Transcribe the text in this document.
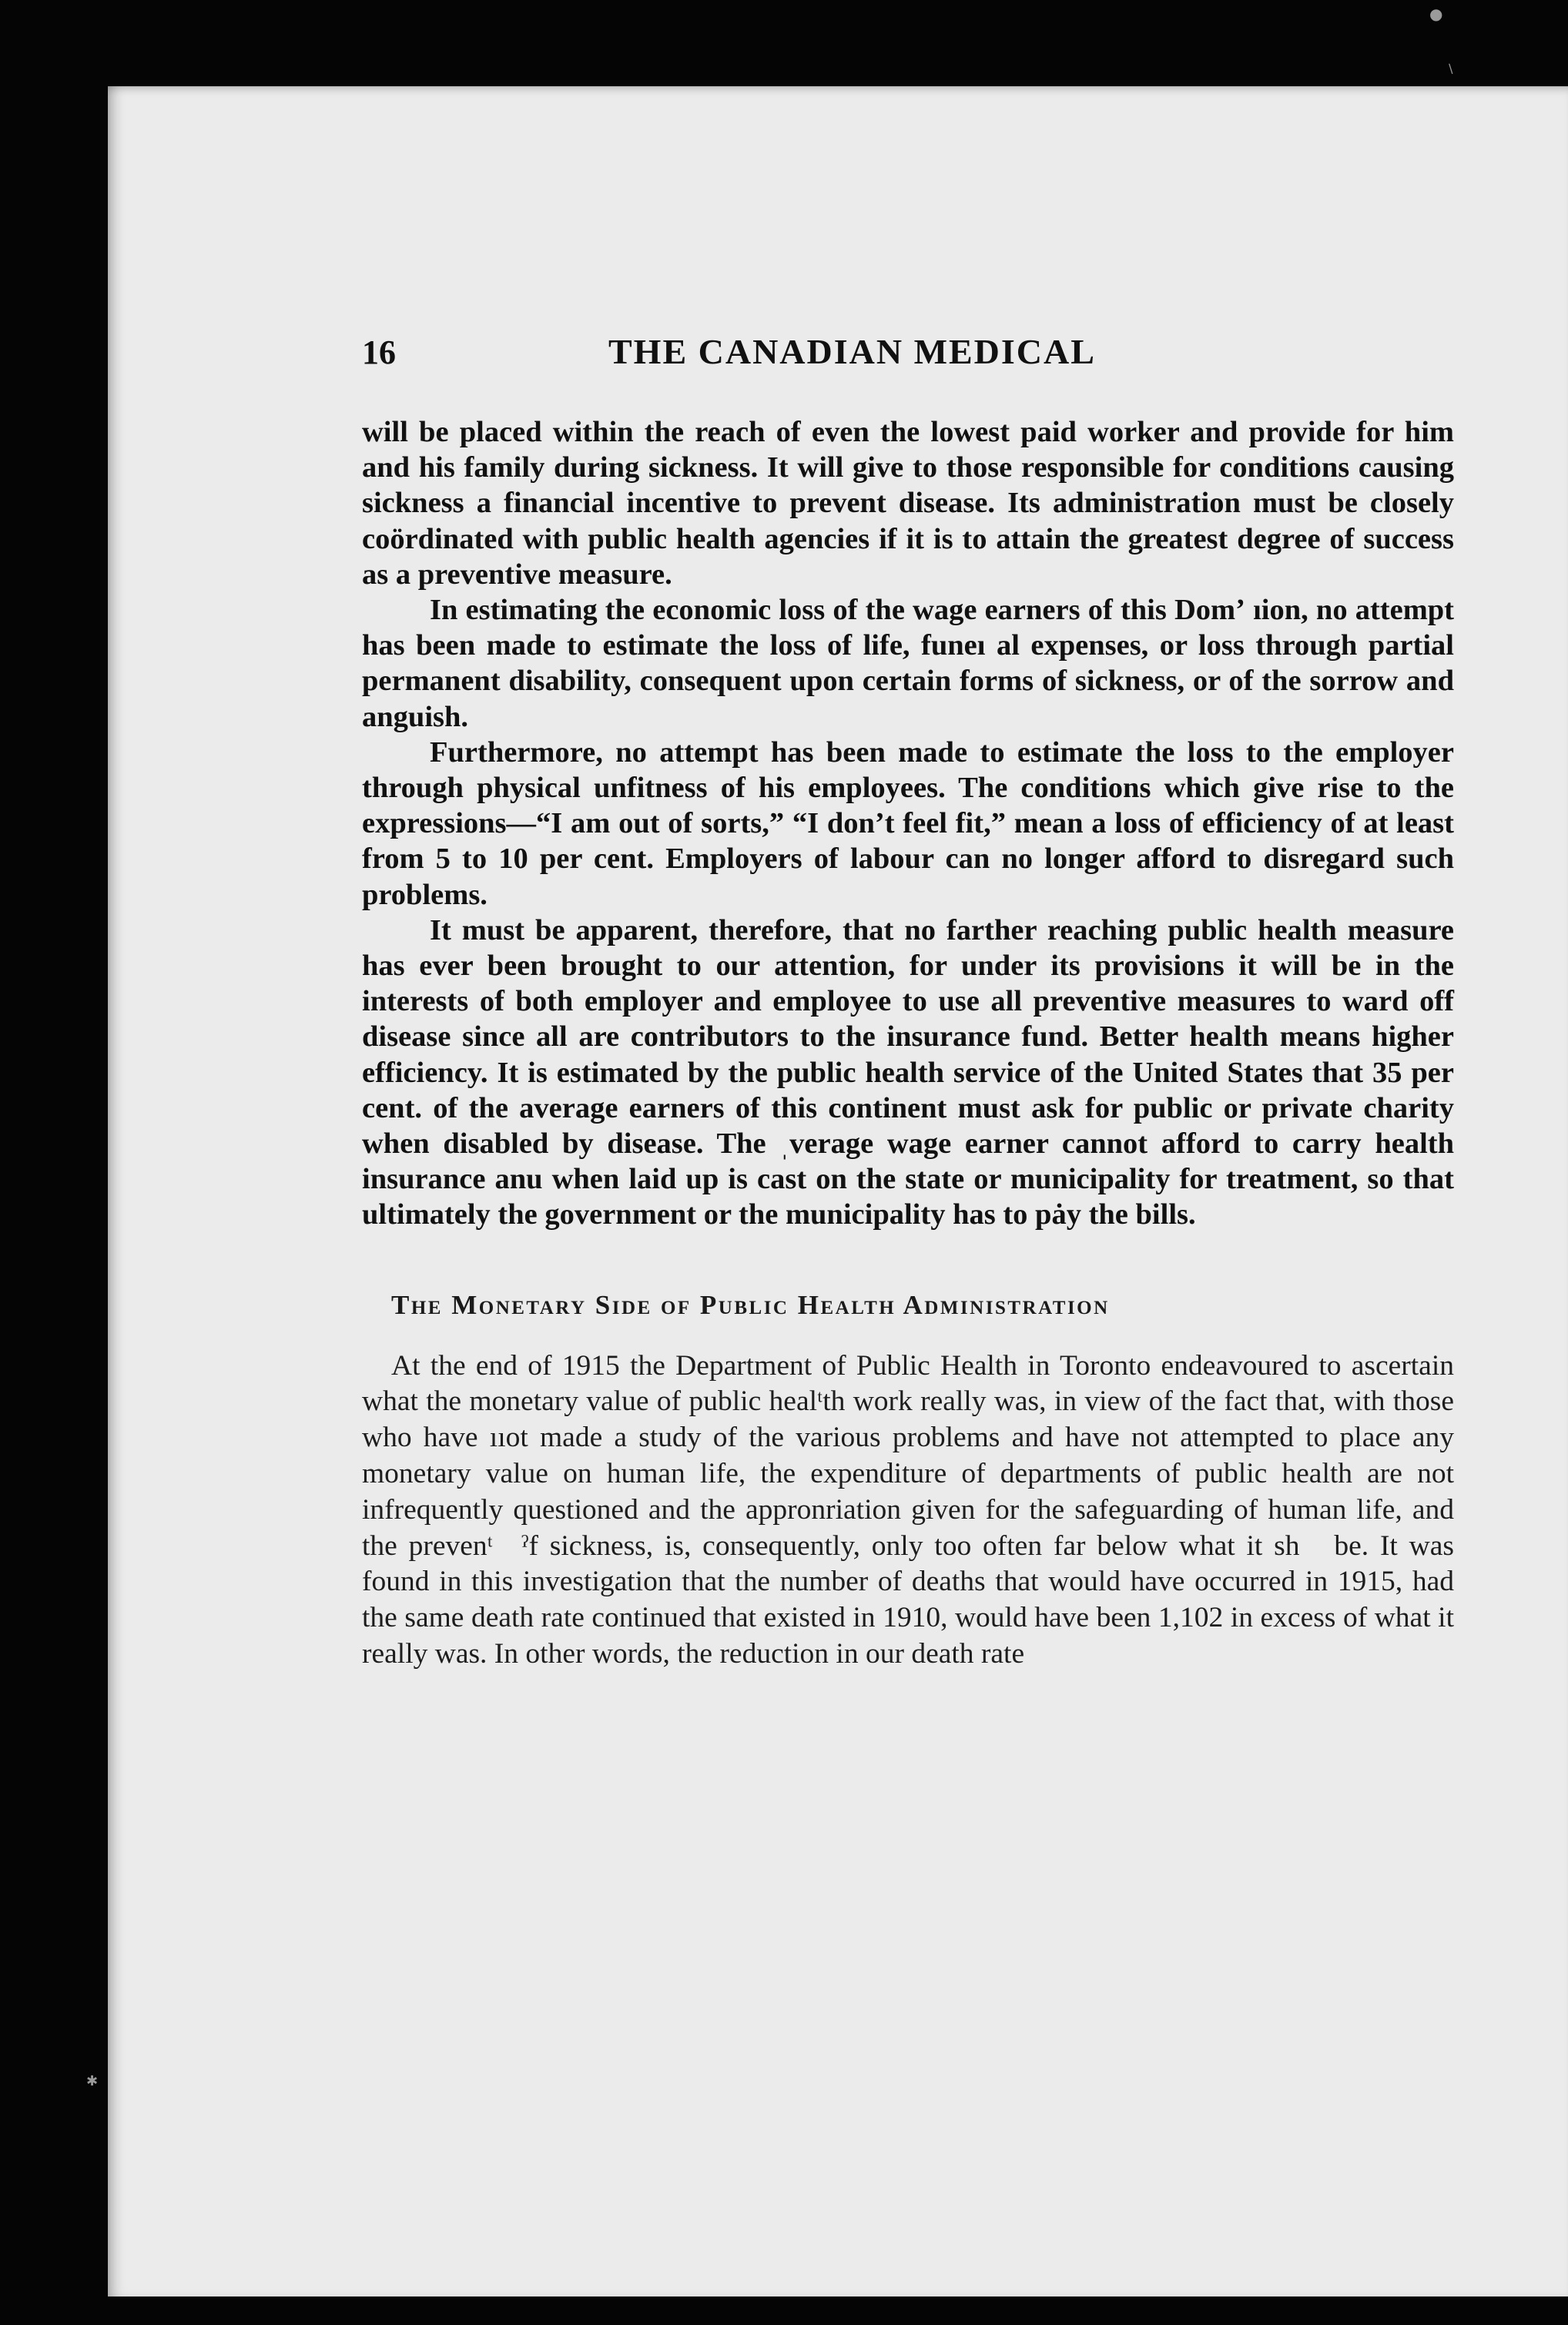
16	THE CANADIAN MEDICAL

will be placed within the reach of even the lowest paid worker and provide for him and his family during sickness. It will give to those responsible for conditions causing sickness a financial incentive to prevent disease. Its administration must be closely coördinated with public health agencies if it is to attain the greatest degree of success as a preventive measure.

In estimating the economic loss of the wage earners of this Domʼ ıion, no attempt has been made to estimate the loss of life, funeı al expenses, or loss through partial permanent disability, consequent upon certain forms of sickness, or of the sorrow and anguish.

Furthermore, no attempt has been made to estimate the loss to the employer through physical unfitness of his employees. The conditions which give rise to the expressions—“I am out of sorts,” “I don’t feel fit,” mean a loss of efficiency of at least from 5 to 10 per cent. Employers of labour can no longer afford to disregard such problems.

It must be apparent, therefore, that no farther reaching public health measure has ever been brought to our attention, for under its provisions it will be in the interests of both employer and employee to use all preventive measures to ward off disease since all are contributors to the insurance fund. Better health means higher efficiency. It is estimated by the public health service of the United States that 35 per cent. of the average earners of this continent must ask for public or private charity when disabled by disease. The ˌverage wage earner cannot afford to carry health insurance anu when laid up is cast on the state or municipality for treatment, so that ultimately the government or the municipality has to pȧy the bills.

The Monetary Side of Public Health Administration

At the end of 1915 the Department of Public Health in Toronto endeavoured to ascertain what the monetary value of public healᵗth work really was, in view of the fact that, with those who have ııot made a study of the various problems and have not attempted to place any monetary value on human life, the expenditure of departments of public health are not infrequently questioned and the appronriation given for the safeguarding of human life, and the prevenᵗ    ˀf sickness, is, consequently, only too often far below what it sh     be. It was found in this investigation that the number of deaths that would have occurred in 1915, had the same death rate continued that existed in 1910, would have been 1,102 in excess of what it really was. In other words, the reduction in our death rate

●
∖
✱
